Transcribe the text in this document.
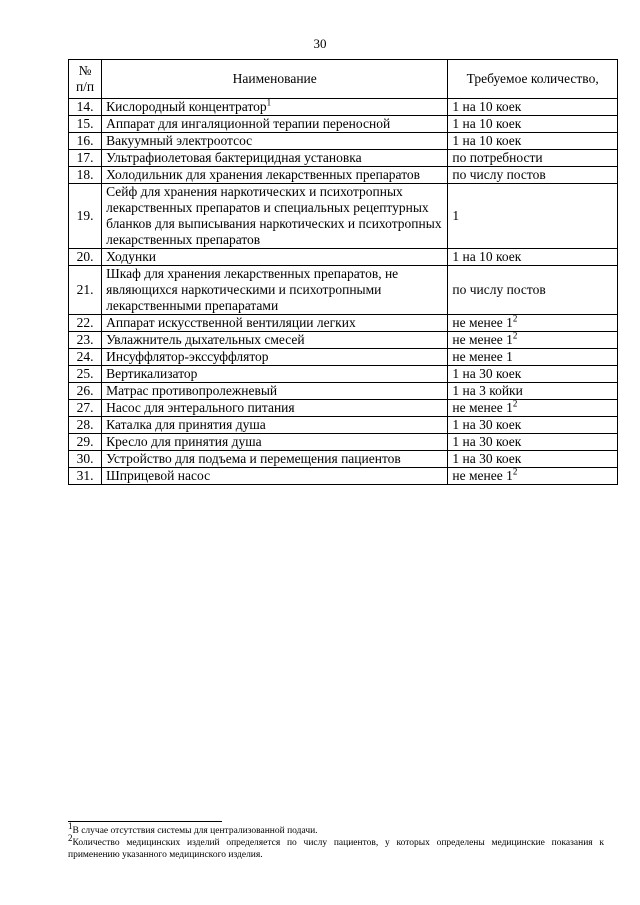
30
№ п/п	Наименование	Требуемое количество,
14.	Кислородный концентратор$^1$	1 на 10 коек
15.	Аппарат для ингаляционной терапии переносной	1 на 10 коек
16.	Вакуумный электроотсос	1 на 10 коек
17.	Ультрафиолетовая бактерицидная установка	по потребности
18.	Холодильник для хранения лекарственных препаратов	по числу постов
19.	Сейф для хранения наркотических и психотропных лекарственных препаратов и специальных рецептурных бланков для выписывания наркотических и психотропных лекарственных препаратов	1
20.	Ходунки	1 на 10 коек
21.	Шкаф для хранения лекарственных препаратов, не являющихся наркотическими и психотропными лекарственными препаратами	по числу постов
22.	Аппарат искусственной вентиляции легких	не менее $1^2$
23.	Увлажнитель дыхательных смесей	не менее $1^2$
24.	Инсуффлятор-экссуффлятор	не менее 1
25.	Вертикализатор	1 на 30 коек
26.	Матрас противопролежневый	1 на 3 койки
27.	Насос для энтерального питания	не менее $1^2$
28.	Каталка для принятия душа	1 на 30 коек
29.	Кресло для принятия душа	1 на 30 коек
30.	Устройство для подъема и перемещения пациентов	1 на 30 коек
31.	Шприцевой насос	не менее $1^2$

$^1$В случае отсутствия системы для централизованной подачи.

$^2$Количество медицинских изделий определяется по числу пациентов, у которых определены медицинские показания к применению указанного медицинского изделия.
